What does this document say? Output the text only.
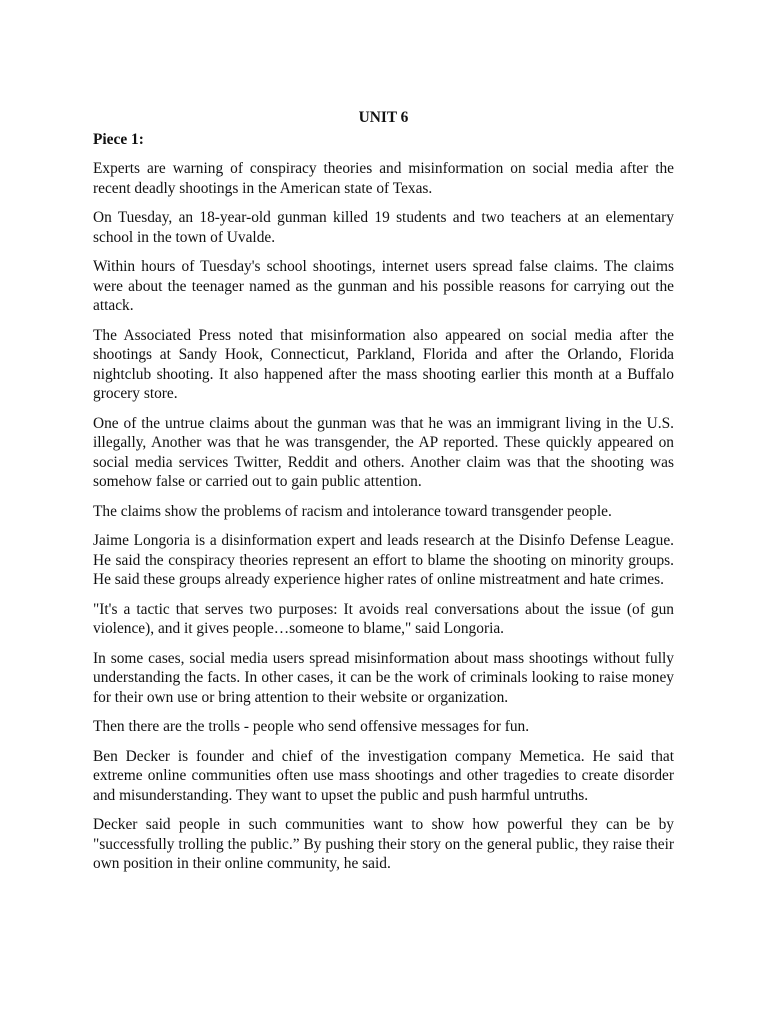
UNIT 6
Piece 1:

Experts are warning of conspiracy theories and misinformation on social media after the recent deadly shootings in the American state of Texas.

On Tuesday, an 18-year-old gunman killed 19 students and two teachers at an elementary school in the town of Uvalde.

Within hours of Tuesday's school shootings, internet users spread false claims. The claims were about the teenager named as the gunman and his possible reasons for carrying out the attack.

The Associated Press noted that misinformation also appeared on social media after the shootings at Sandy Hook, Connecticut, Parkland, Florida and after the Orlando, Florida nightclub shooting. It also happened after the mass shooting earlier this month at a Buffalo grocery store.

One of the untrue claims about the gunman was that he was an immigrant living in the U.S. illegally, Another was that he was transgender, the AP reported. These quickly appeared on social media services Twitter, Reddit and others. Another claim was that the shooting was somehow false or carried out to gain public attention.

The claims show the problems of racism and intolerance toward transgender people.

Jaime Longoria is a disinformation expert and leads research at the Disinfo Defense League. He said the conspiracy theories represent an effort to blame the shooting on minority groups. He said these groups already experience higher rates of online mistreatment and hate crimes.

"It's a tactic that serves two purposes: It avoids real conversations about the issue (of gun violence), and it gives people…someone to blame," said Longoria.

In some cases, social media users spread misinformation about mass shootings without fully understanding the facts. In other cases, it can be the work of criminals looking to raise money for their own use or bring attention to their website or organization.

Then there are the trolls - people who send offensive messages for fun.

Ben Decker is founder and chief of the investigation company Memetica. He said that extreme online communities often use mass shootings and other tragedies to create disorder and misunderstanding. They want to upset the public and push harmful untruths.

Decker said people in such communities want to show how powerful they can be by "successfully trolling the public.” By pushing their story on the general public, they raise their own position in their online community, he said.
